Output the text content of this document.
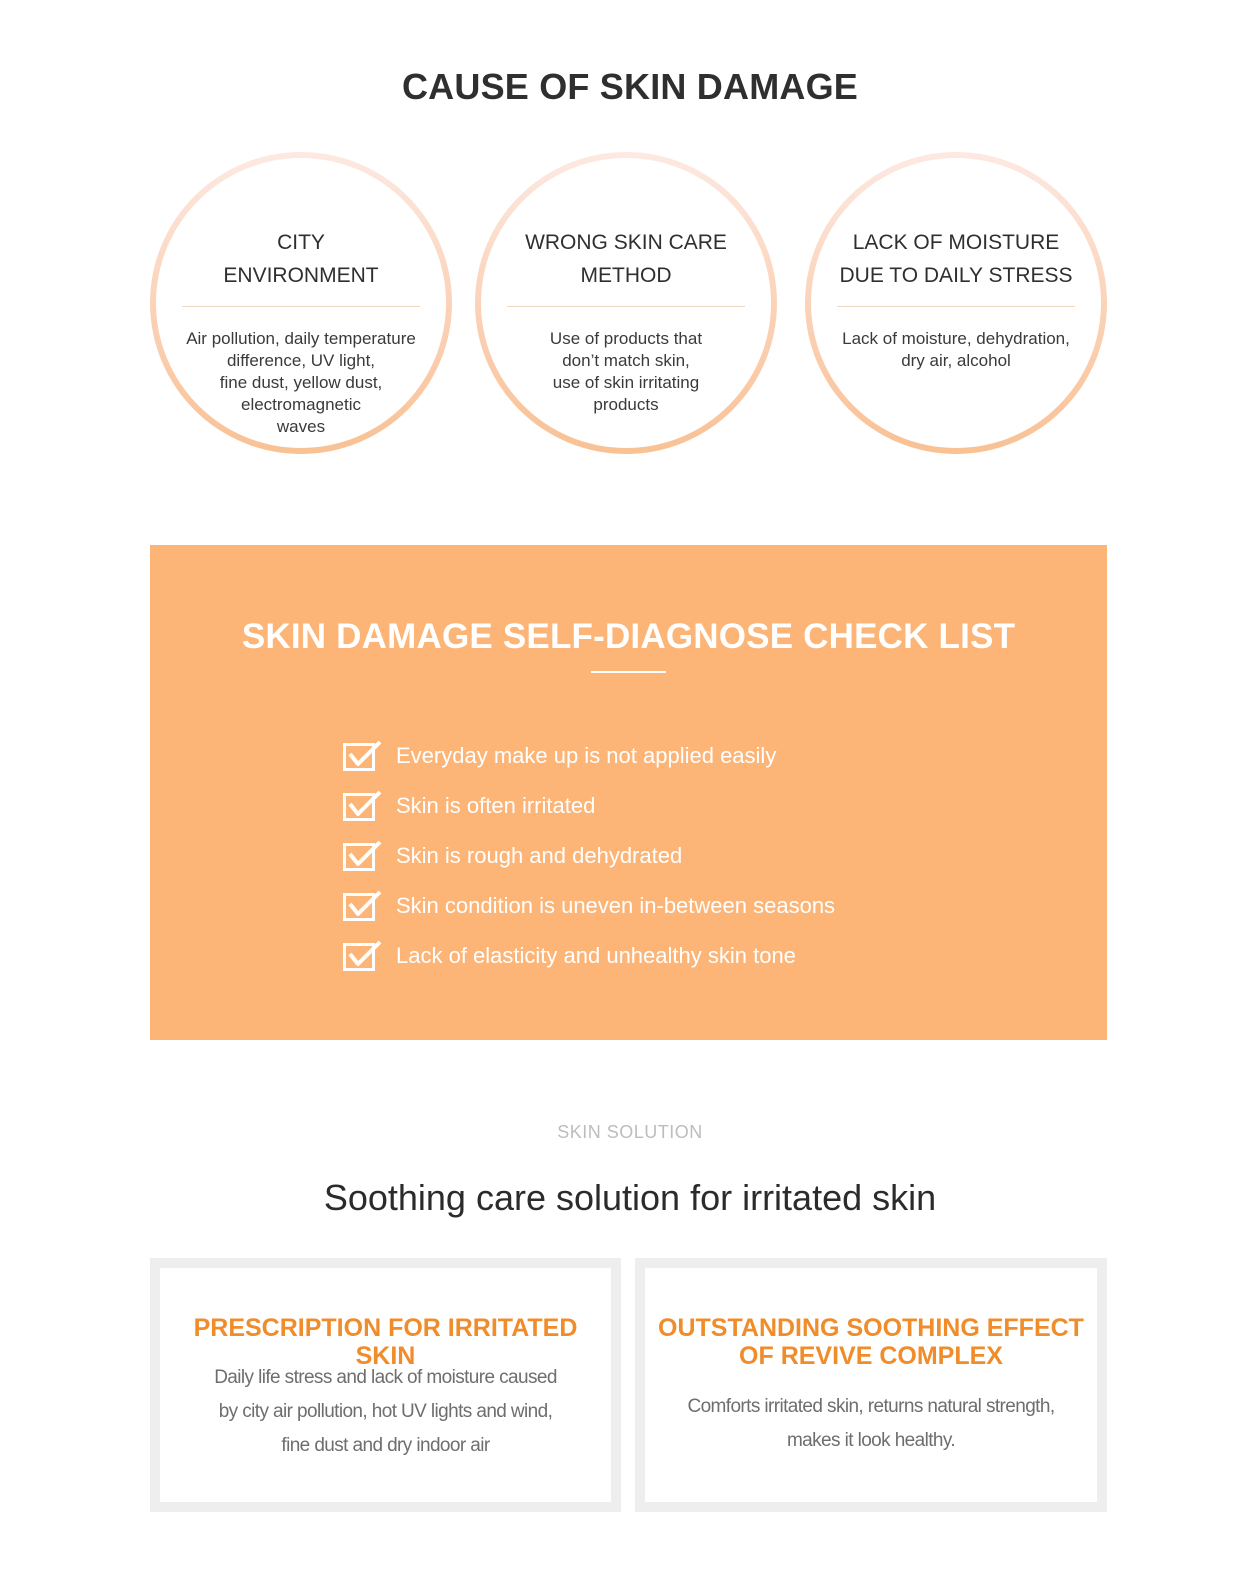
CAUSE OF SKIN DAMAGE
CITY
ENVIRONMENT
Air pollution, daily temperature
difference, UV light,
fine dust, yellow dust,
electromagnetic
waves
WRONG SKIN CARE
METHOD
Use of products that
don’t match skin,
use of skin irritating
products
LACK OF MOISTURE
DUE TO DAILY STRESS
Lack of moisture, dehydration,
dry air, alcohol
SKIN DAMAGE SELF-DIAGNOSE CHECK LIST
Everyday make up is not applied easily
Skin is often irritated
Skin is rough and dehydrated
Skin condition is uneven in-between seasons
Lack of elasticity and unhealthy skin tone
SKIN SOLUTION
Soothing care solution for irritated skin
PRESCRIPTION FOR IRRITATED SKIN
Daily life stress and lack of moisture caused
by city air pollution, hot UV lights and wind,
fine dust and dry indoor air
OUTSTANDING SOOTHING EFFECT
OF REVIVE COMPLEX
Comforts irritated skin, returns natural strength,
makes it look healthy.
